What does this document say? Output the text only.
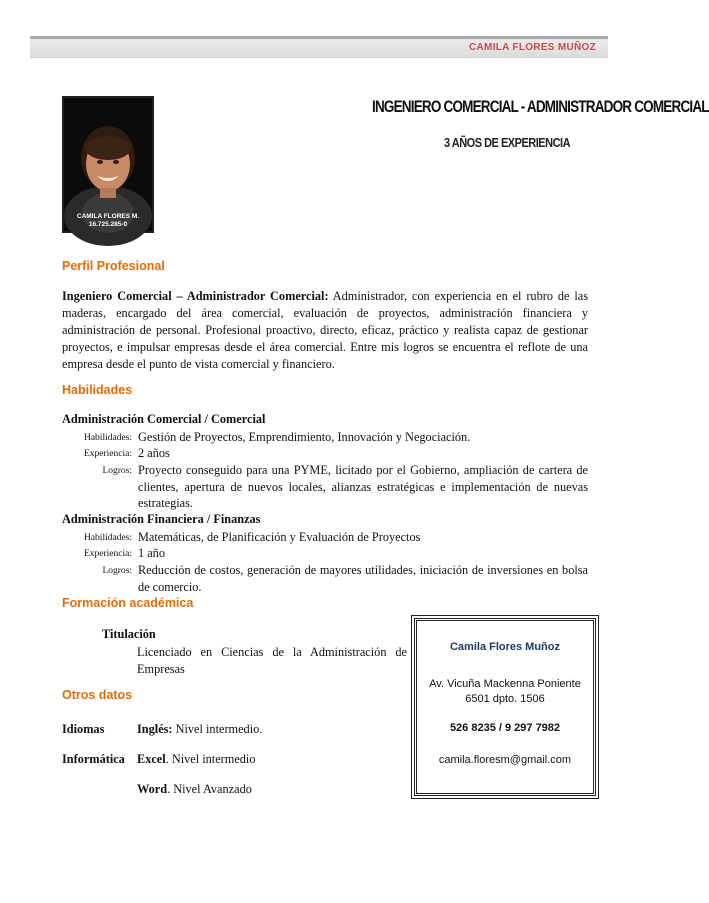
CAMILA FLORES MUÑOZ
CAMILA FLORES M.
16.725.285-0
INGENIERO COMERCIAL - ADMINISTRADOR COMERCIAL
3 AÑOS DE EXPERIENCIA
Perfil Profesional
Ingeniero Comercial – Administrador Comercial: Administrador, con experiencia en el rubro de las maderas, encargado del área comercial, evaluación de proyectos, administración financiera y administración de personal. Profesional proactivo, directo, eficaz, práctico y realista capaz de gestionar proyectos, e impulsar empresas desde el área comercial. Entre mis logros se encuentra el reflote de una empresa desde el punto de vista comercial y financiero.
Habilidades
Administración Comercial / Comercial
Habilidades: Gestión de Proyectos, Emprendimiento, Innovación y Negociación.
Experiencia: 2 años
Logros: Proyecto conseguido para una PYME, licitado por el Gobierno, ampliación de cartera de clientes, apertura de nuevos locales, alianzas estratégicas e implementación de nuevas estrategias.
Administración Financiera / Finanzas
Habilidades: Matemáticas, de Planificación y Evaluación de Proyectos
Experiencia: 1 año
Logros: Reducción de costos, generación de mayores utilidades, iniciación de inversiones en bolsa de comercio.
Formación académica
Titulación
Licenciado en Ciencias de la Administración de Empresas
Otros datos
Idiomas	Inglés: Nivel intermedio.
Informática Excel. Nivel intermedio
Word. Nivel Avanzado
Camila Flores Muñoz
Av. Vicuña Mackenna Poniente
6501 dpto. 1506
526 8235 / 9 297 7982
camila.floresm@gmail.com
